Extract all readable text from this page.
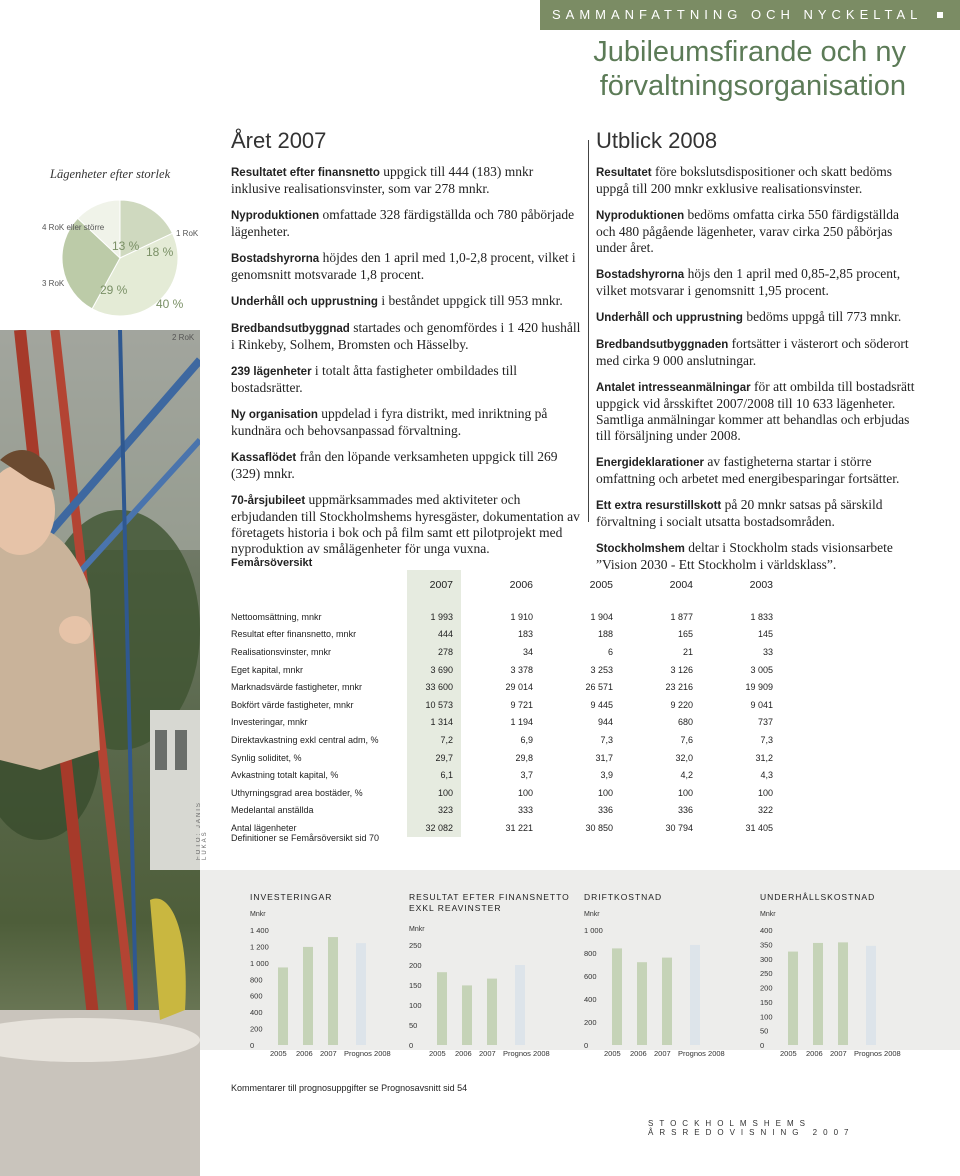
FOTO: JANIS LUKAS
SAMMANFATTNING OCH NYCKELTAL  1	Jubileumsfirande och ny
förvaltningsorganisation
Lägenheter efter storlek
18 %
40 %
29 %
13 %
1 RoK
2 RoK
3 RoK
4 RoK eller större
Året 2007

Resultatet efter finansnetto uppgick till 444 (183) mnkr inklusive realisationsvinster, som var 278 mnkr.

Nyproduktionen omfattade 328 färdigställda och 780 påbörjade lägenheter.

Bostadshyrorna höjdes den 1 april med 1,0-2,8 procent, vilket i genomsnitt motsvarade 1,8 procent.

Underhåll och upprustning i beståndet uppgick till 953 mnkr.

Bredbandsutbyggnad startades och genomfördes i 1 420 hushåll i Rinkeby, Solhem, Bromsten och Hässelby.

239 lägenheter i totalt åtta fastigheter ombildades till bostadsrätter.

Ny organisation uppdelad i fyra distrikt, med inriktning på kundnära och behovsanpassad förvaltning.

Kassaflödet från den löpande verksamheten uppgick till 269 (329) mnkr.

70-årsjubileet uppmärksammades med aktiviteter och erbjudanden till Stockholmshems hyresgäster, dokumentation av företagets historia i bok och på film samt ett pilotprojekt med nyproduktion av smålägenheter för unga vuxna.

Utblick 2008

Resultatet före bokslutsdispositioner och skatt bedöms uppgå till 200 mnkr exklusive realisationsvinster.

Nyproduktionen bedöms omfatta cirka 550 färdigställda och 480 pågående lägenheter, varav cirka 250 påbörjas under året.

Bostadshyrorna höjs den 1 april med 0,85-2,85 procent, vilket motsvarar i genomsnitt 1,95 procent.

Underhåll och upprustning bedöms uppgå till 773 mnkr.

Bredbandsutbyggnaden fortsätter i västerort och söderort med cirka 9 000 anslutningar.

Antalet intresseanmälningar för att ombilda till bostadsrätt uppgick vid årsskiftet 2007/2008 till 10 633 lägenheter. Samtliga anmälningar kommer att behandlas och erbjudas till försäljning under 2008.

Energideklarationer av fastigheterna startar i större omfattning och arbetet med energibesparingar fortsätter.

Ett extra resurstillskott på 20 mnkr satsas på särskild förvaltning i socialt utsatta bostadsområden.

Stockholmshem deltar i Stockholm stads visionsarbete ”Vision 2030 - Ett Stockholm i världsklass”.

Femårsöversikt
	2007	2006	2005	2004	2003

Nettoomsättning, mnkr	1 993	1 910	1 904	1 877	1 833
Resultat efter finansnetto, mnkr	444	183	188	165	145
Realisationsvinster, mnkr	278	34	6	21	33
Eget kapital, mnkr	3 690	3 378	3 253	3 126	3 005
Marknadsvärde fastigheter, mnkr	33 600	29 014	26 571	23 216	19 909
Bokfört värde fastigheter, mnkr	10 573	9 721	9 445	9 220	9 041
Investeringar, mnkr	1 314	1 194	944	680	737
Direktavkastning exkl central adm, %	7,2	6,9	7,3	7,6	7,3
Synlig soliditet, %	29,7	29,8	31,7	32,0	31,2
Avkastning totalt kapital, %	6,1	3,7	3,9	4,2	4,3
Uthyrningsgrad area bostäder, %	100	100	100	100	100
Medelantal anställda	323	333	336	336	322
Antal lägenheter	32 082	31 221	30 850	30 794	31 405
Definitioner se Femårsöversikt sid 70
INVESTERINGAR
Mnkr
0
200
400
600
800
1 000
1 200
1 400
2005 2006 2007 Prognos 2008
RESULTAT EFTER FINANSNETTO
EXKL REAVINSTER
Mnkr
0
50
100
150
200
250
2005 2006 2007 Prognos 2008
DRIFTKOSTNAD
Mnkr
0
200
400
600
800
1 000
2005 2006 2007 Prognos 2008
UNDERHÅLLSKOSTNAD
Mnkr
0
50
100
150
200
250
300
350
400
2005 2006 2007 Prognos 2008
Kommentarer till prognosuppgifter se Prognosavsnitt sid 54
STOCKHOLMSHEMS ÅRSREDOVISNING 2007
